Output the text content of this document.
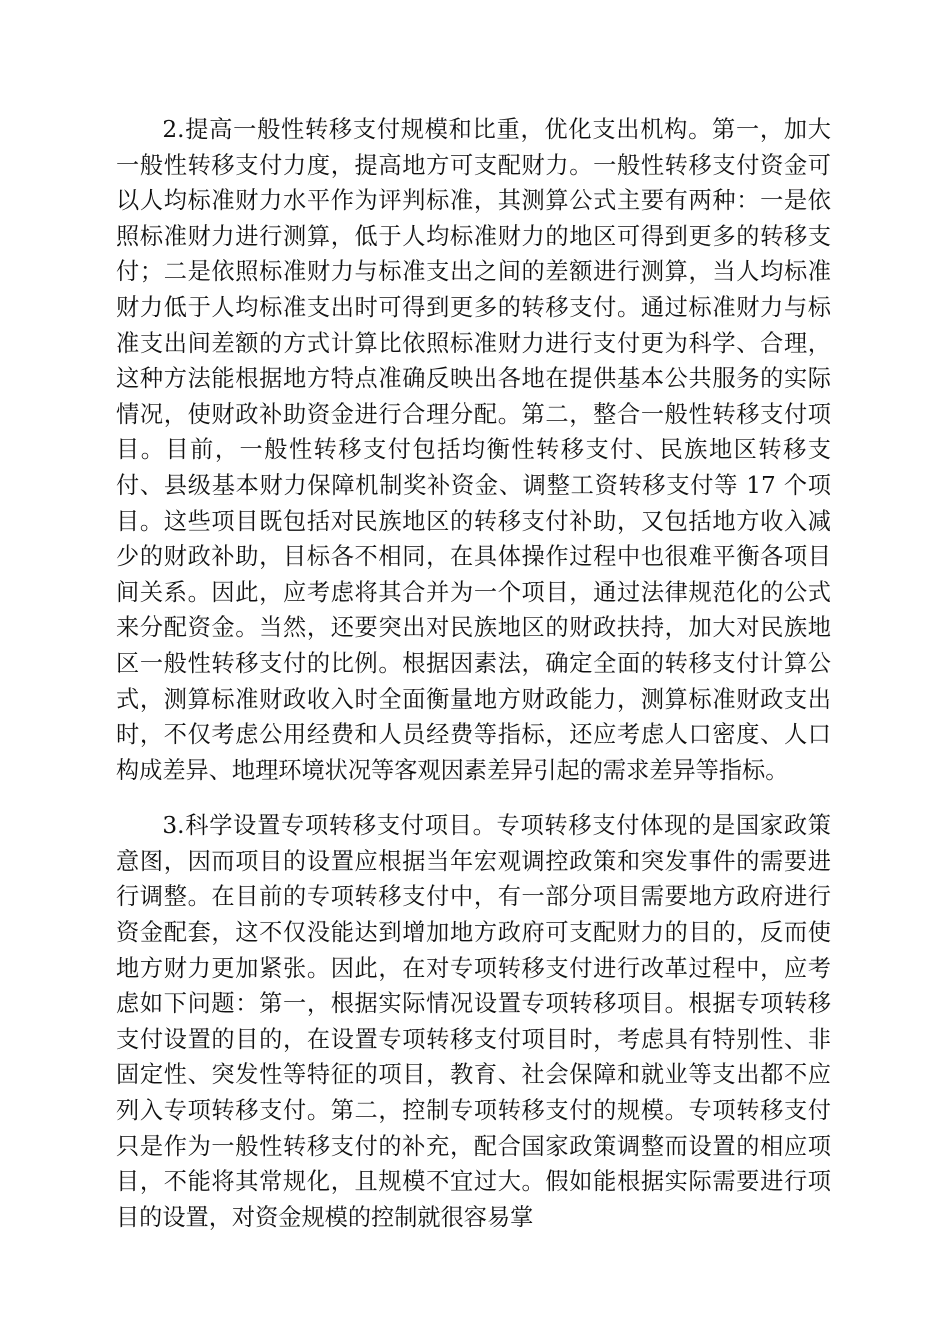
2.提高一般性转移支付规模和比重，优化支出机构。第一，加大一般性转移支付力度，提高地方可支配财力。一般性转移支付资金可以人均标准财力水平作为评判标准，其测算公式主要有两种：一是依照标准财力进行测算，低于人均标准财力的地区可得到更多的转移支付；二是依照标准财力与标准支出之间的差额进行测算，当人均标准财力低于人均标准支出时可得到更多的转移支付。通过标准财力与标准支出间差额的方式计算比依照标准财力进行支付更为科学、合理，这种方法能根据地方特点准确反映出各地在提供基本公共服务的实际情况，使财政补助资金进行合理分配。第二，整合一般性转移支付项目。目前，一般性转移支付包括均衡性转移支付、民族地区转移支付、县级基本财力保障机制奖补资金、调整工资转移支付等 17 个项目。这些项目既包括对民族地区的转移支付补助，又包括地方收入减少的财政补助，目标各不相同，在具体操作过程中也很难平衡各项目间关系。因此，应考虑将其合并为一个项目，通过法律规范化的公式来分配资金。当然，还要突出对民族地区的财政扶持，加大对民族地区一般性转移支付的比例。根据因素法，确定全面的转移支付计算公式，测算标准财政收入时全面衡量地方财政能力，测算标准财政支出时，不仅考虑公用经费和人员经费等指标，还应考虑人口密度、人口构成差异、地理环境状况等客观因素差异引起的需求差异等指标。

3.科学设置专项转移支付项目。专项转移支付体现的是国家政策意图，因而项目的设置应根据当年宏观调控政策和突发事件的需要进行调整。在目前的专项转移支付中，有一部分项目需要地方政府进行资金配套，这不仅没能达到增加地方政府可支配财力的目的，反而使地方财力更加紧张。因此，在对专项转移支付进行改革过程中，应考虑如下问题：第一，根据实际情况设置专项转移项目。根据专项转移支付设置的目的，在设置专项转移支付项目时，考虑具有特别性、非固定性、突发性等特征的项目，教育、社会保障和就业等支出都不应列入专项转移支付。第二，控制专项转移支付的规模。专项转移支付只是作为一般性转移支付的补充，配合国家政策调整而设置的相应项目，不能将其常规化，且规模不宜过大。假如能根据实际需要进行项目的设置，对资金规模的控制就很容易掌
